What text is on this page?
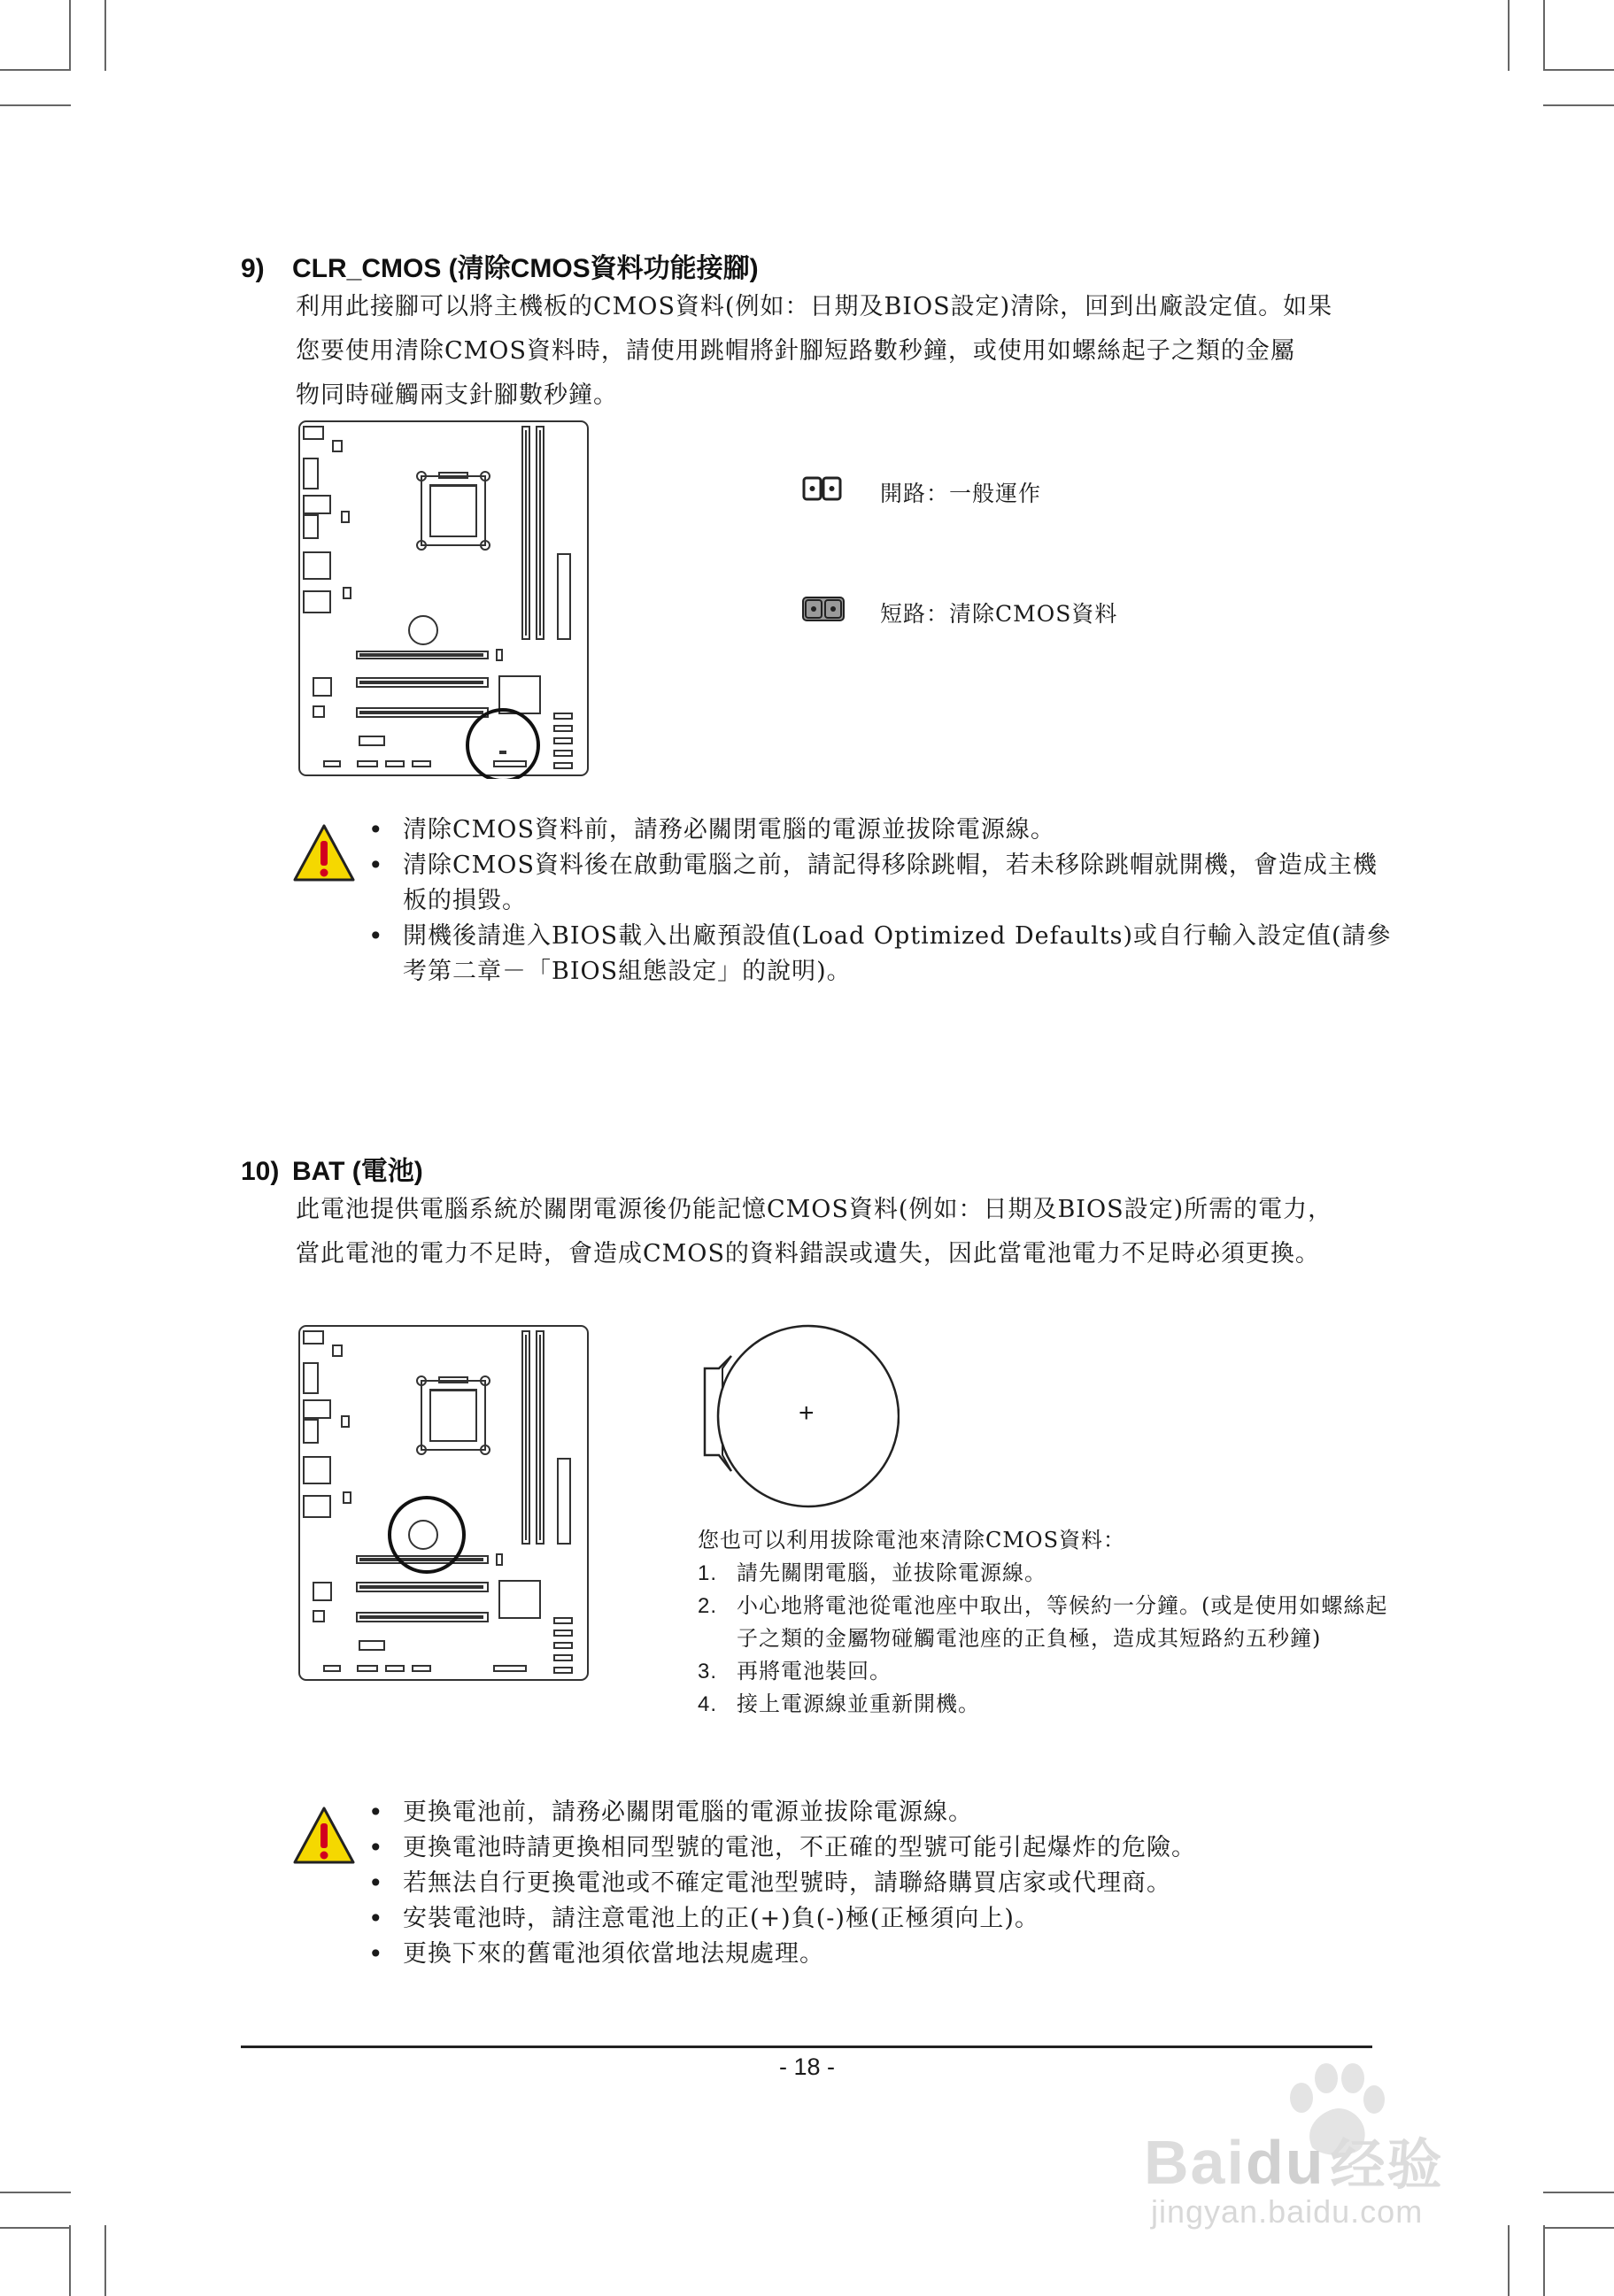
9) CLR_CMOS (清除CMOS資料功能接腳)
利用此接腳可以將主機板的CMOS資料(例如：日期及BIOS設定)清除，回到出廠設定值。如果
您要使用清除CMOS資料時，請使用跳帽將針腳短路數秒鐘，或使用如螺絲起子之類的金屬
物同時碰觸兩支針腳數秒鐘。
開路：一般運作
短路：清除CMOS資料
• 清除CMOS資料前，請務必關閉電腦的電源並拔除電源線。
• 清除CMOS資料後在啟動電腦之前，請記得移除跳帽，若未移除跳帽就開機，會造成主機板的損毀。
• 開機後請進入BIOS載入出廠預設值(Load Optimized Defaults)或自行輸入設定值(請參考第二章－「BIOS組態設定」的說明)。
10) BAT (電池)
此電池提供電腦系統於關閉電源後仍能記憶CMOS資料(例如：日期及BIOS設定)所需的電力，
當此電池的電力不足時，會造成CMOS的資料錯誤或遺失，因此當電池電力不足時必須更換。
+
您也可以利用拔除電池來清除CMOS資料：
1. 請先關閉電腦，並拔除電源線。
2. 小心地將電池從電池座中取出，等候約一分鐘。(或是使用如螺絲起子之類的金屬物碰觸電池座的正負極，造成其短路約五秒鐘)
3. 再將電池裝回。
4. 接上電源線並重新開機。
• 更換電池前，請務必關閉電腦的電源並拔除電源線。
• 更換電池時請更換相同型號的電池，不正確的型號可能引起爆炸的危險。
• 若無法自行更換電池或不確定電池型號時，請聯絡購買店家或代理商。
• 安裝電池時，請注意電池上的正(+)負(-)極(正極須向上)。
• 更換下來的舊電池須依當地法規處理。
- 18 -
Baidu经验
jingyan.baidu.com
